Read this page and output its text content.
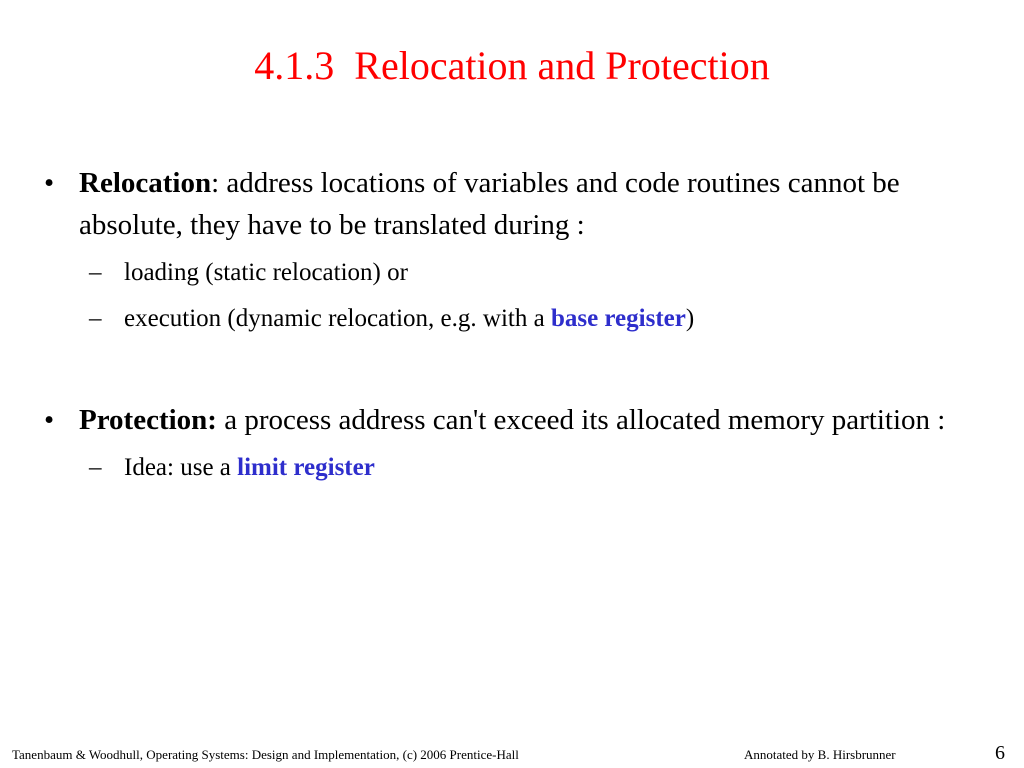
4.1.3  Relocation and Protection
• Relocation: address locations of variables and code routines cannot be absolute, they have to be translated during :
– loading (static relocation) or
– execution (dynamic relocation, e.g. with a base register)
• Protection: a process address can't exceed its allocated memory partition :
– Idea: use a limit register
Tanenbaum & Woodhull, Operating Systems: Design and Implementation, (c) 2006 Prentice-Hall	Annotated by B. Hirsbrunner	6
